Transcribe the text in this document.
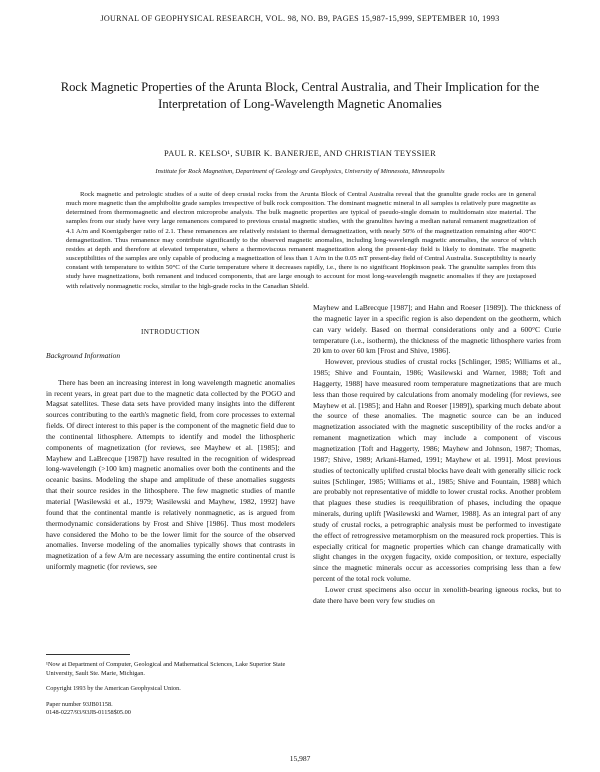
JOURNAL OF GEOPHYSICAL RESEARCH, VOL. 98, NO. B9, PAGES 15,987-15,999, SEPTEMBER 10, 1993
Rock Magnetic Properties of the Arunta Block, Central Australia, and Their Implication for the Interpretation of Long-Wavelength Magnetic Anomalies
PAUL R. KELSO¹, SUBIR K. BANERJEE, AND CHRISTIAN TEYSSIER
Institute for Rock Magnetism, Department of Geology and Geophysics, University of Minnesota, Minneapolis
Rock magnetic and petrologic studies of a suite of deep crustal rocks from the Arunta Block of Central Australia reveal that the granulite grade rocks are in general much more magnetic than the amphibolite grade samples irrespective of bulk rock composition. The dominant magnetic mineral in all samples is relatively pure magnetite as determined from thermomagnetic and electron microprobe analysis. The bulk magnetic properties are typical of pseudo-single domain to multidomain size material. The samples from our study have very large remanences compared to previous crustal magnetic studies, with the granulites having a median natural remanent magnetization of 4.1 A/m and Koenigsberger ratio of 2.1. These remanences are relatively resistant to thermal demagnetization, with nearly 50% of the magnetization remaining after 400°C demagnetization. Thus remanence may contribute significantly to the observed magnetic anomalies, including long-wavelength magnetic anomalies, the source of which resides at depth and therefore at elevated temperature, where a thermoviscous remanent magnetization along the present-day field is likely to dominate. The magnetic susceptibilities of the samples are only capable of producing a magnetization of less than 1 A/m in the 0.05 mT present-day field of Central Australia. Susceptibility is nearly constant with temperature to within 50°C of the Curie temperature where it decreases rapidly, i.e., there is no significant Hopkinson peak. The granulite samples from this study have magnetizations, both remanent and induced components, that are large enough to account for most long-wavelength magnetic anomalies if they are juxtaposed with relatively nonmagnetic rocks, similar to the high-grade rocks in the Canadian Shield.
INTRODUCTION
Background Information

There has been an increasing interest in long wavelength magnetic anomalies in recent years, in great part due to the magnetic data collected by the POGO and Magsat satellites. These data sets have provided many insights into the different sources contributing to the earth's magnetic field, from core processes to external fields. Of direct interest to this paper is the component of the magnetic field due to the continental lithosphere. Attempts to identify and model the lithospheric components of magnetization (for reviews, see Mayhew et al. [1985]; and Mayhew and LaBrecque [1987]) have resulted in the recognition of widespread long-wavelength (>100 km) magnetic anomalies over both the continents and the oceanic basins. Modeling the shape and amplitude of these anomalies suggests that their source resides in the lithosphere. The few magnetic studies of mantle material [Wasilewski et al., 1979; Wasilewski and Mayhew, 1982, 1992] have found that the continental mantle is relatively nonmagnetic, as is argued from thermodynamic considerations by Frost and Shive [1986]. Thus most modelers have considered the Moho to be the lower limit for the source of the observed anomalies. Inverse modeling of the anomalies typically shows that contrasts in magnetization of a few A/m are necessary assuming the entire continental crust is uniformly magnetic (for reviews, see

Mayhew and LaBrecque [1987]; and Hahn and Roeser [1989]). The thickness of the magnetic layer in a specific region is also dependent on the geotherm, which can vary widely. Based on thermal considerations only and a 600°C Curie temperature (i.e., isotherm), the thickness of the magnetic lithosphere varies from 20 km to over 60 km [Frost and Shive, 1986].

However, previous studies of crustal rocks [Schlinger, 1985; Williams et al., 1985; Shive and Fountain, 1986; Wasilewski and Warner, 1988; Toft and Haggerty, 1988] have measured room temperature magnetizations that are much less than those required by calculations from anomaly modeling (for reviews, see Mayhew et al. [1985]; and Hahn and Roeser [1989]), sparking much debate about the source of these anomalies. The magnetic source can be an induced magnetization associated with the magnetic susceptibility of the rocks and/or a remanent magnetization which may include a component of viscous magnetization [Toft and Haggerty, 1986; Mayhew and Johnson, 1987; Thomas, 1987; Shive, 1989; Arkani-Hamed, 1991; Mayhew et al. 1991]. Most previous studies of tectonically uplifted crustal blocks have dealt with generally silicic rock suites [Schlinger, 1985; Williams et al., 1985; Shive and Fountain, 1988] which are probably not representative of middle to lower crustal rocks. Another problem that plagues these studies is reequilibration of phases, including the opaque minerals, during uplift [Wasilewski and Warner, 1988]. As an integral part of any study of crustal rocks, a petrographic analysis must be performed to investigate the effect of retrogressive metamorphism on the measured rock properties. This is especially critical for magnetic properties which can change dramatically with slight changes in the oxygen fugacity, oxide composition, or texture, especially since the magnetic minerals occur as accessories comprising less than a few percent of the total rock volume.

Lower crust specimens also occur in xenolith-bearing igneous rocks, but to date there have been very few studies on

¹Now at Department of Computer, Geological and Mathematical Sciences, Lake Superior State University, Sault Ste. Marie, Michigan.

Copyright 1993 by the American Geophysical Union.

Paper number 93JB01158.

0148-0227/93/93JB-01158$05.00

15,987
